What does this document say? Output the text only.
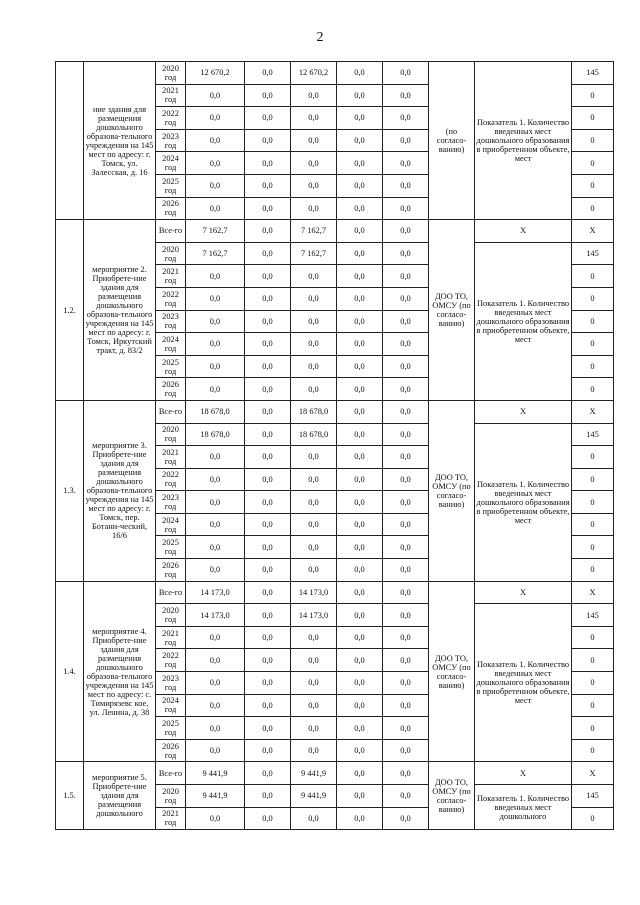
2
	ние здания для размещения дошкольного образова-тельного учреждения на 145 мест по адресу: г. Томск, ул. Залесская, д. 16	2020 год	12 670,2	0,0	12 670,2	0,0	0,0	(по согласо-ванию)	Показатель 1. Количество введенных мест дошкольного образования в приобретенном объекте, мест	145
		2021 год	0,0	0,0	0,0	0,0	0,0			0
		2022 год	0,0	0,0	0,0	0,0	0,0			0
		2023 год	0,0	0,0	0,0	0,0	0,0			0
		2024 год	0,0	0,0	0,0	0,0	0,0			0
		2025 год	0,0	0,0	0,0	0,0	0,0			0
		2026 год	0,0	0,0	0,0	0,0	0,0			0
1.2.	мероприятие 2. Приобрете-ние здания для размещения дошкольного образова-тельного учреждения на 145 мест по адресу: г. Томск, Иркутский тракт, д. 83/2	Все-го	7 162,7	0,0	7 162,7	0,0	0,0	ДОО ТО, ОМСУ (по согласо-ванию)	Х	Х
		2020 год	7 162,7	0,0	7 162,7	0,0	0,0		Показатель 1. Количество введенных мест дошкольного образования в приобретенном объекте, мест	145
		2021 год	0,0	0,0	0,0	0,0	0,0			0
		2022 год	0,0	0,0	0,0	0,0	0,0			0
		2023 год	0,0	0,0	0,0	0,0	0,0			0
		2024 год	0,0	0,0	0,0	0,0	0,0			0
		2025 год	0,0	0,0	0,0	0,0	0,0			0
		2026 год	0,0	0,0	0,0	0,0	0,0			0
1.3.	мероприятие 3. Приобрете-ние здания для размещения дошкольного образова-тельного учреждения на 145 мест по адресу: г. Томск, пер. Ботани-ческий, 16/6	Все-го	18 678,0	0,0	18 678,0	0,0	0,0	ДОО ТО, ОМСУ (по согласо-ванию)	Х	Х
		2020 год	18 678,0	0,0	18 678,0	0,0	0,0		Показатель 1. Количество введенных мест дошкольного образования в приобретенном объекте, мест	145
		2021 год	0,0	0,0	0,0	0,0	0,0			0
		2022 год	0,0	0,0	0,0	0,0	0,0			0
		2023 год	0,0	0,0	0,0	0,0	0,0			0
		2024 год	0,0	0,0	0,0	0,0	0,0			0
		2025 год	0,0	0,0	0,0	0,0	0,0			0
		2026 год	0,0	0,0	0,0	0,0	0,0			0
1.4.	мероприятие 4. Приобрете-ние здания для размещения дошкольного образова-тельного учреждения на 145 мест по адресу: с. Тимирязевс кое, ул. Ленина, д. 38	Все-го	14 173,0	0,0	14 173,0	0,0	0,0	ДОО ТО, ОМСУ (по согласо-ванию)	Х	Х
		2020 год	14 173,0	0,0	14 173,0	0,0	0,0		Показатель 1. Количество введенных мест дошкольного образования в приобретенном объекте, мест	145
		2021 год	0,0	0,0	0,0	0,0	0,0			0
		2022 год	0,0	0,0	0,0	0,0	0,0			0
		2023 год	0,0	0,0	0,0	0,0	0,0			0
		2024 год	0,0	0,0	0,0	0,0	0,0			0
		2025 год	0,0	0,0	0,0	0,0	0,0			0
		2026 год	0,0	0,0	0,0	0,0	0,0			0
1.5.	мероприятие 5. Приобрете-ние здания для размещения дошкольного	Все-го	9 441,9	0,0	9 441,9	0,0	0,0	ДОО ТО, ОМСУ (по согласо-ванию)	Х	Х
		2020 год	9 441,9	0,0	9 441,9	0,0	0,0		Показатель 1. Количество введенных мест дошкольного	145
		2021 год	0,0	0,0	0,0	0,0	0,0			0
